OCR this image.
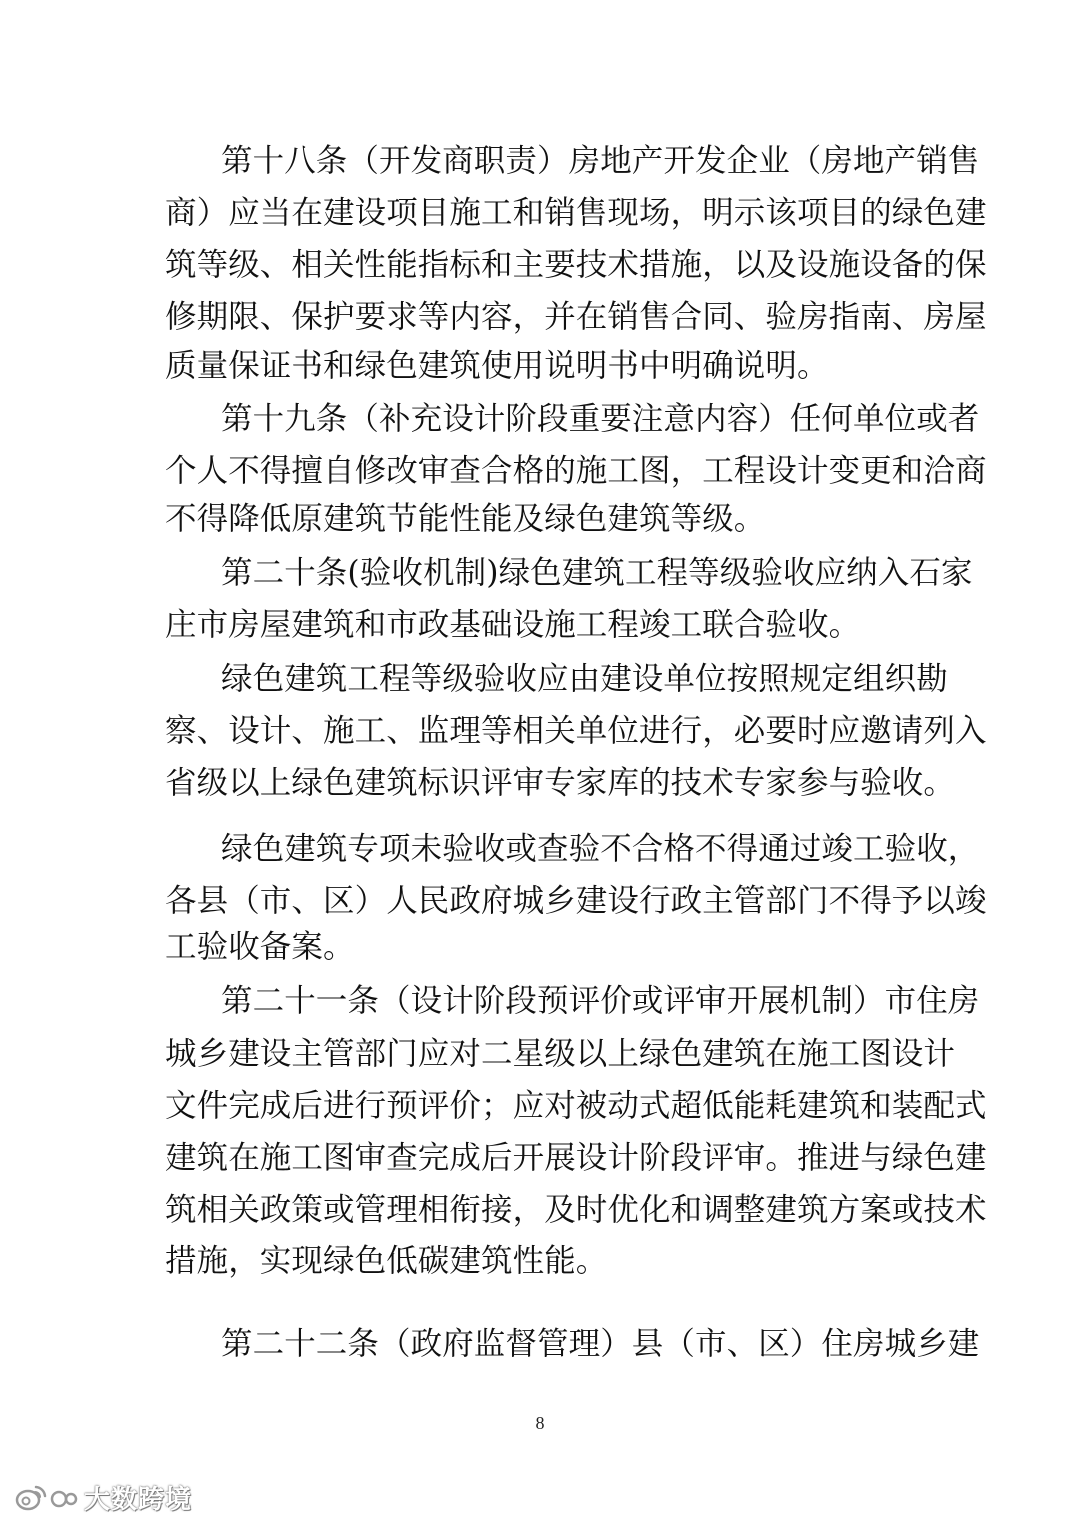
第十八条（开发商职责）房地产开发企业（房地产销售
商）应当在建设项目施工和销售现场，明示该项目的绿色建
筑等级、相关性能指标和主要技术措施，以及设施设备的保
修期限、保护要求等内容，并在销售合同、验房指南、房屋
质量保证书和绿色建筑使用说明书中明确说明。
第十九条（补充设计阶段重要注意内容）任何单位或者
个人不得擅自修改审查合格的施工图，工程设计变更和洽商
不得降低原建筑节能性能及绿色建筑等级。
第二十条(验收机制)绿色建筑工程等级验收应纳入石家
庄市房屋建筑和市政基础设施工程竣工联合验收。
绿色建筑工程等级验收应由建设单位按照规定组织勘
察、设计、施工、监理等相关单位进行，必要时应邀请列入
省级以上绿色建筑标识评审专家库的技术专家参与验收。
绿色建筑专项未验收或查验不合格不得通过竣工验收，
各县（市、区）人民政府城乡建设行政主管部门不得予以竣
工验收备案。
第二十一条（设计阶段预评价或评审开展机制）市住房
城乡建设主管部门应对二星级以上绿色建筑在施工图设计
文件完成后进行预评价；应对被动式超低能耗建筑和装配式
建筑在施工图审查完成后开展设计阶段评审。推进与绿色建
筑相关政策或管理相衔接，及时优化和调整建筑方案或技术
措施，实现绿色低碳建筑性能。
第二十二条（政府监督管理）县（市、区）住房城乡建
8
大数跨境
